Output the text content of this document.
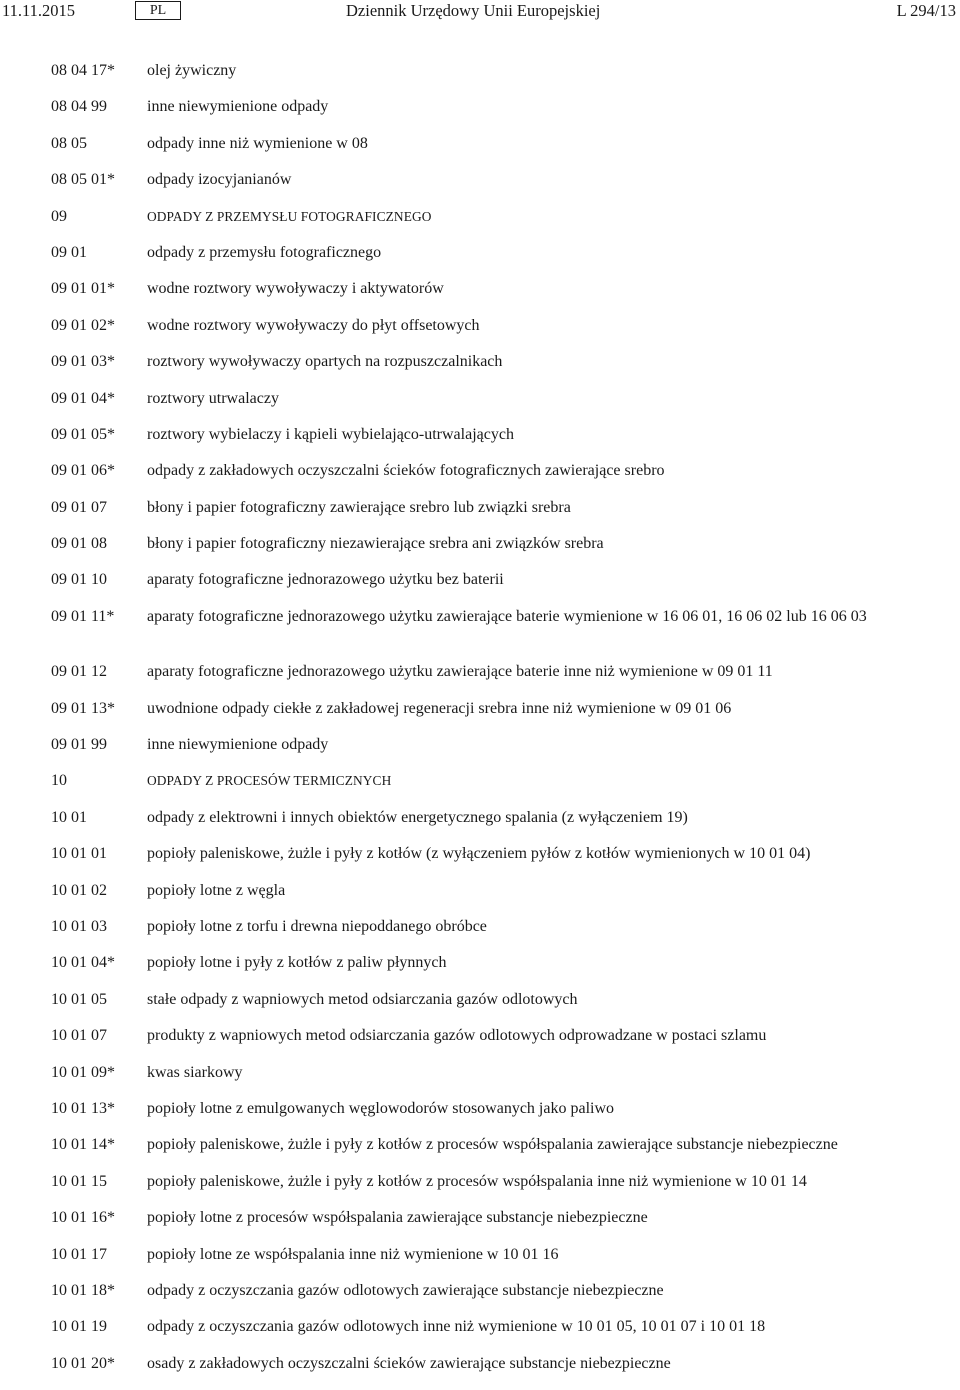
11.11.2015	PL	Dziennik Urzędowy Unii Europejskiej	L 294/13
08 04 17*	olej żywiczny
08 04 99	inne niewymienione odpady
08 05	odpady inne niż wymienione w 08
08 05 01*	odpady izocyjanianów
09	ODPADY Z PRZEMYSŁU FOTOGRAFICZNEGO
09 01	odpady z przemysłu fotograficznego
09 01 01*	wodne roztwory wywoływaczy i aktywatorów
09 01 02*	wodne roztwory wywoływaczy do płyt offsetowych
09 01 03*	roztwory wywoływaczy opartych na rozpuszczalnikach
09 01 04*	roztwory utrwalaczy
09 01 05*	roztwory wybielaczy i kąpieli wybielająco-utrwalających
09 01 06*	odpady z zakładowych oczyszczalni ścieków fotograficznych zawierające srebro
09 01 07	błony i papier fotograficzny zawierające srebro lub związki srebra
09 01 08	błony i papier fotograficzny niezawierające srebra ani związków srebra
09 01 10	aparaty fotograficzne jednorazowego użytku bez baterii
09 01 11*	aparaty fotograficzne jednorazowego użytku zawierające baterie wymienione w 16 06 01, 16 06 02 lub 16 06 03
09 01 12	aparaty fotograficzne jednorazowego użytku zawierające baterie inne niż wymienione w 09 01 11
09 01 13*	uwodnione odpady ciekłe z zakładowej regeneracji srebra inne niż wymienione w 09 01 06
09 01 99	inne niewymienione odpady
10	ODPADY Z PROCESÓW TERMICZNYCH
10 01	odpady z elektrowni i innych obiektów energetycznego spalania (z wyłączeniem 19)
10 01 01	popioły paleniskowe, żużle i pyły z kotłów (z wyłączeniem pyłów z kotłów wymienionych w 10 01 04)
10 01 02	popioły lotne z węgla
10 01 03	popioły lotne z torfu i drewna niepoddanego obróbce
10 01 04*	popioły lotne i pyły z kotłów z paliw płynnych
10 01 05	stałe odpady z wapniowych metod odsiarczania gazów odlotowych
10 01 07	produkty z wapniowych metod odsiarczania gazów odlotowych odprowadzane w postaci szlamu
10 01 09*	kwas siarkowy
10 01 13*	popioły lotne z emulgowanych węglowodorów stosowanych jako paliwo
10 01 14*	popioły paleniskowe, żużle i pyły z kotłów z procesów współspalania zawierające substancje niebezpieczne
10 01 15	popioły paleniskowe, żużle i pyły z kotłów z procesów współspalania inne niż wymienione w 10 01 14
10 01 16*	popioły lotne z procesów współspalania zawierające substancje niebezpieczne
10 01 17	popioły lotne ze współspalania inne niż wymienione w 10 01 16
10 01 18*	odpady z oczyszczania gazów odlotowych zawierające substancje niebezpieczne
10 01 19	odpady z oczyszczania gazów odlotowych inne niż wymienione w 10 01 05, 10 01 07 i 10 01 18
10 01 20*	osady z zakładowych oczyszczalni ścieków zawierające substancje niebezpieczne
